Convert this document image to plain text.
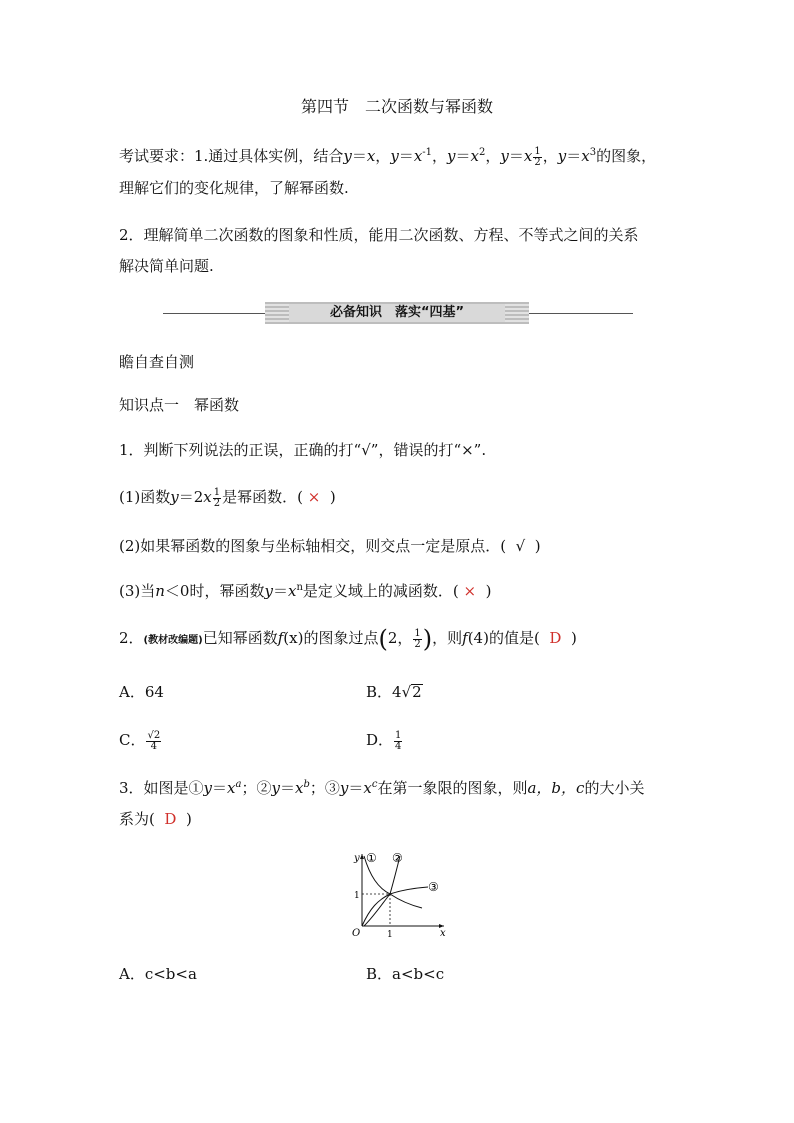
第四节　二次函数与幂函数
考试要求：1.通过具体实例，结合y＝x，$y=x^{-1}$，$y=x^2$，$y=x \frac{1}{2}$ ，$y=x^3$的图象，
理解它们的变化规律，了解幂函数.
2．理解简单二次函数的图象和性质，能用二次函数、方程、不等式之间的关系
解决简单问题.
必备知识　落实“四基”
瞻自查自测
知识点一　幂函数
1．判断下列说法的正误，正确的打“√”，错误的打“×”.
(1)函数$y=2x \frac{1}{2}$ 是幂函数．( × )
(2)如果幂函数的图象与坐标轴相交，则交点一定是原点．( √ )
(3)当n＜0时，幂函数$y=x^n$是定义域上的减函数．( × )
2．(教材改编题)已知幂函数f(x)的图象过点(2， $\frac{1}{2}$ )，则f(4)的值是( D )
A．64	B．4√2
C． $\frac{√2}{4}$	D． $\frac{1}{4}$
3．如图是$①y=x^a$；$②y=x^b$；$③y=x^c$在第一象限的图象，则a，b，c的大小关
系为( D )
y
x
O	1
1
① ②
③
A．c<b<a	B．a<b<c
